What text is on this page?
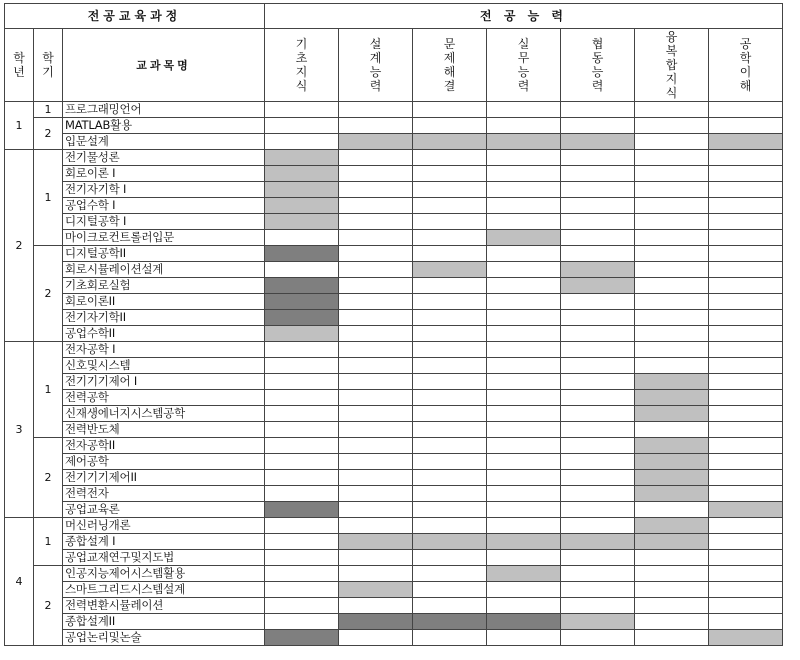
전공교육과정			전 공 능 력						
학년	학기	교과목명	기초지식	설계능력	문제해결	실무능력	협동능력	융복합지식	공학이해
1	1	프로그래밍언어							
	2	MATLAB활용							
		입문설계							
2	1	전기물성론							
		회로이론 I							
		전기자기학 I							
		공업수학 I							
		디지털공학 I							
		마이크로컨트롤러입문							
	2	디지털공학II							
		회로시뮬레이션설계							
		기초회로실험							
		회로이론II							
		전기자기학II							
		공업수학II							
3	1	전자공학 I							
		신호및시스템							
		전기기기제어 I							
		전력공학							
		신재생에너지시스템공학							
		전력반도체							
	2	전자공학II							
		제어공학							
		전기기기제어II							
		전력전자							
		공업교육론							
4	1	머신러닝개론							
		종합설계 I							
		공업교재연구및지도법							
	2	인공지능제어시스템활용							
		스마트그리드시스템설계							
		전력변환시뮬레이션							
		종합설계II							
		공업논리및논술							
